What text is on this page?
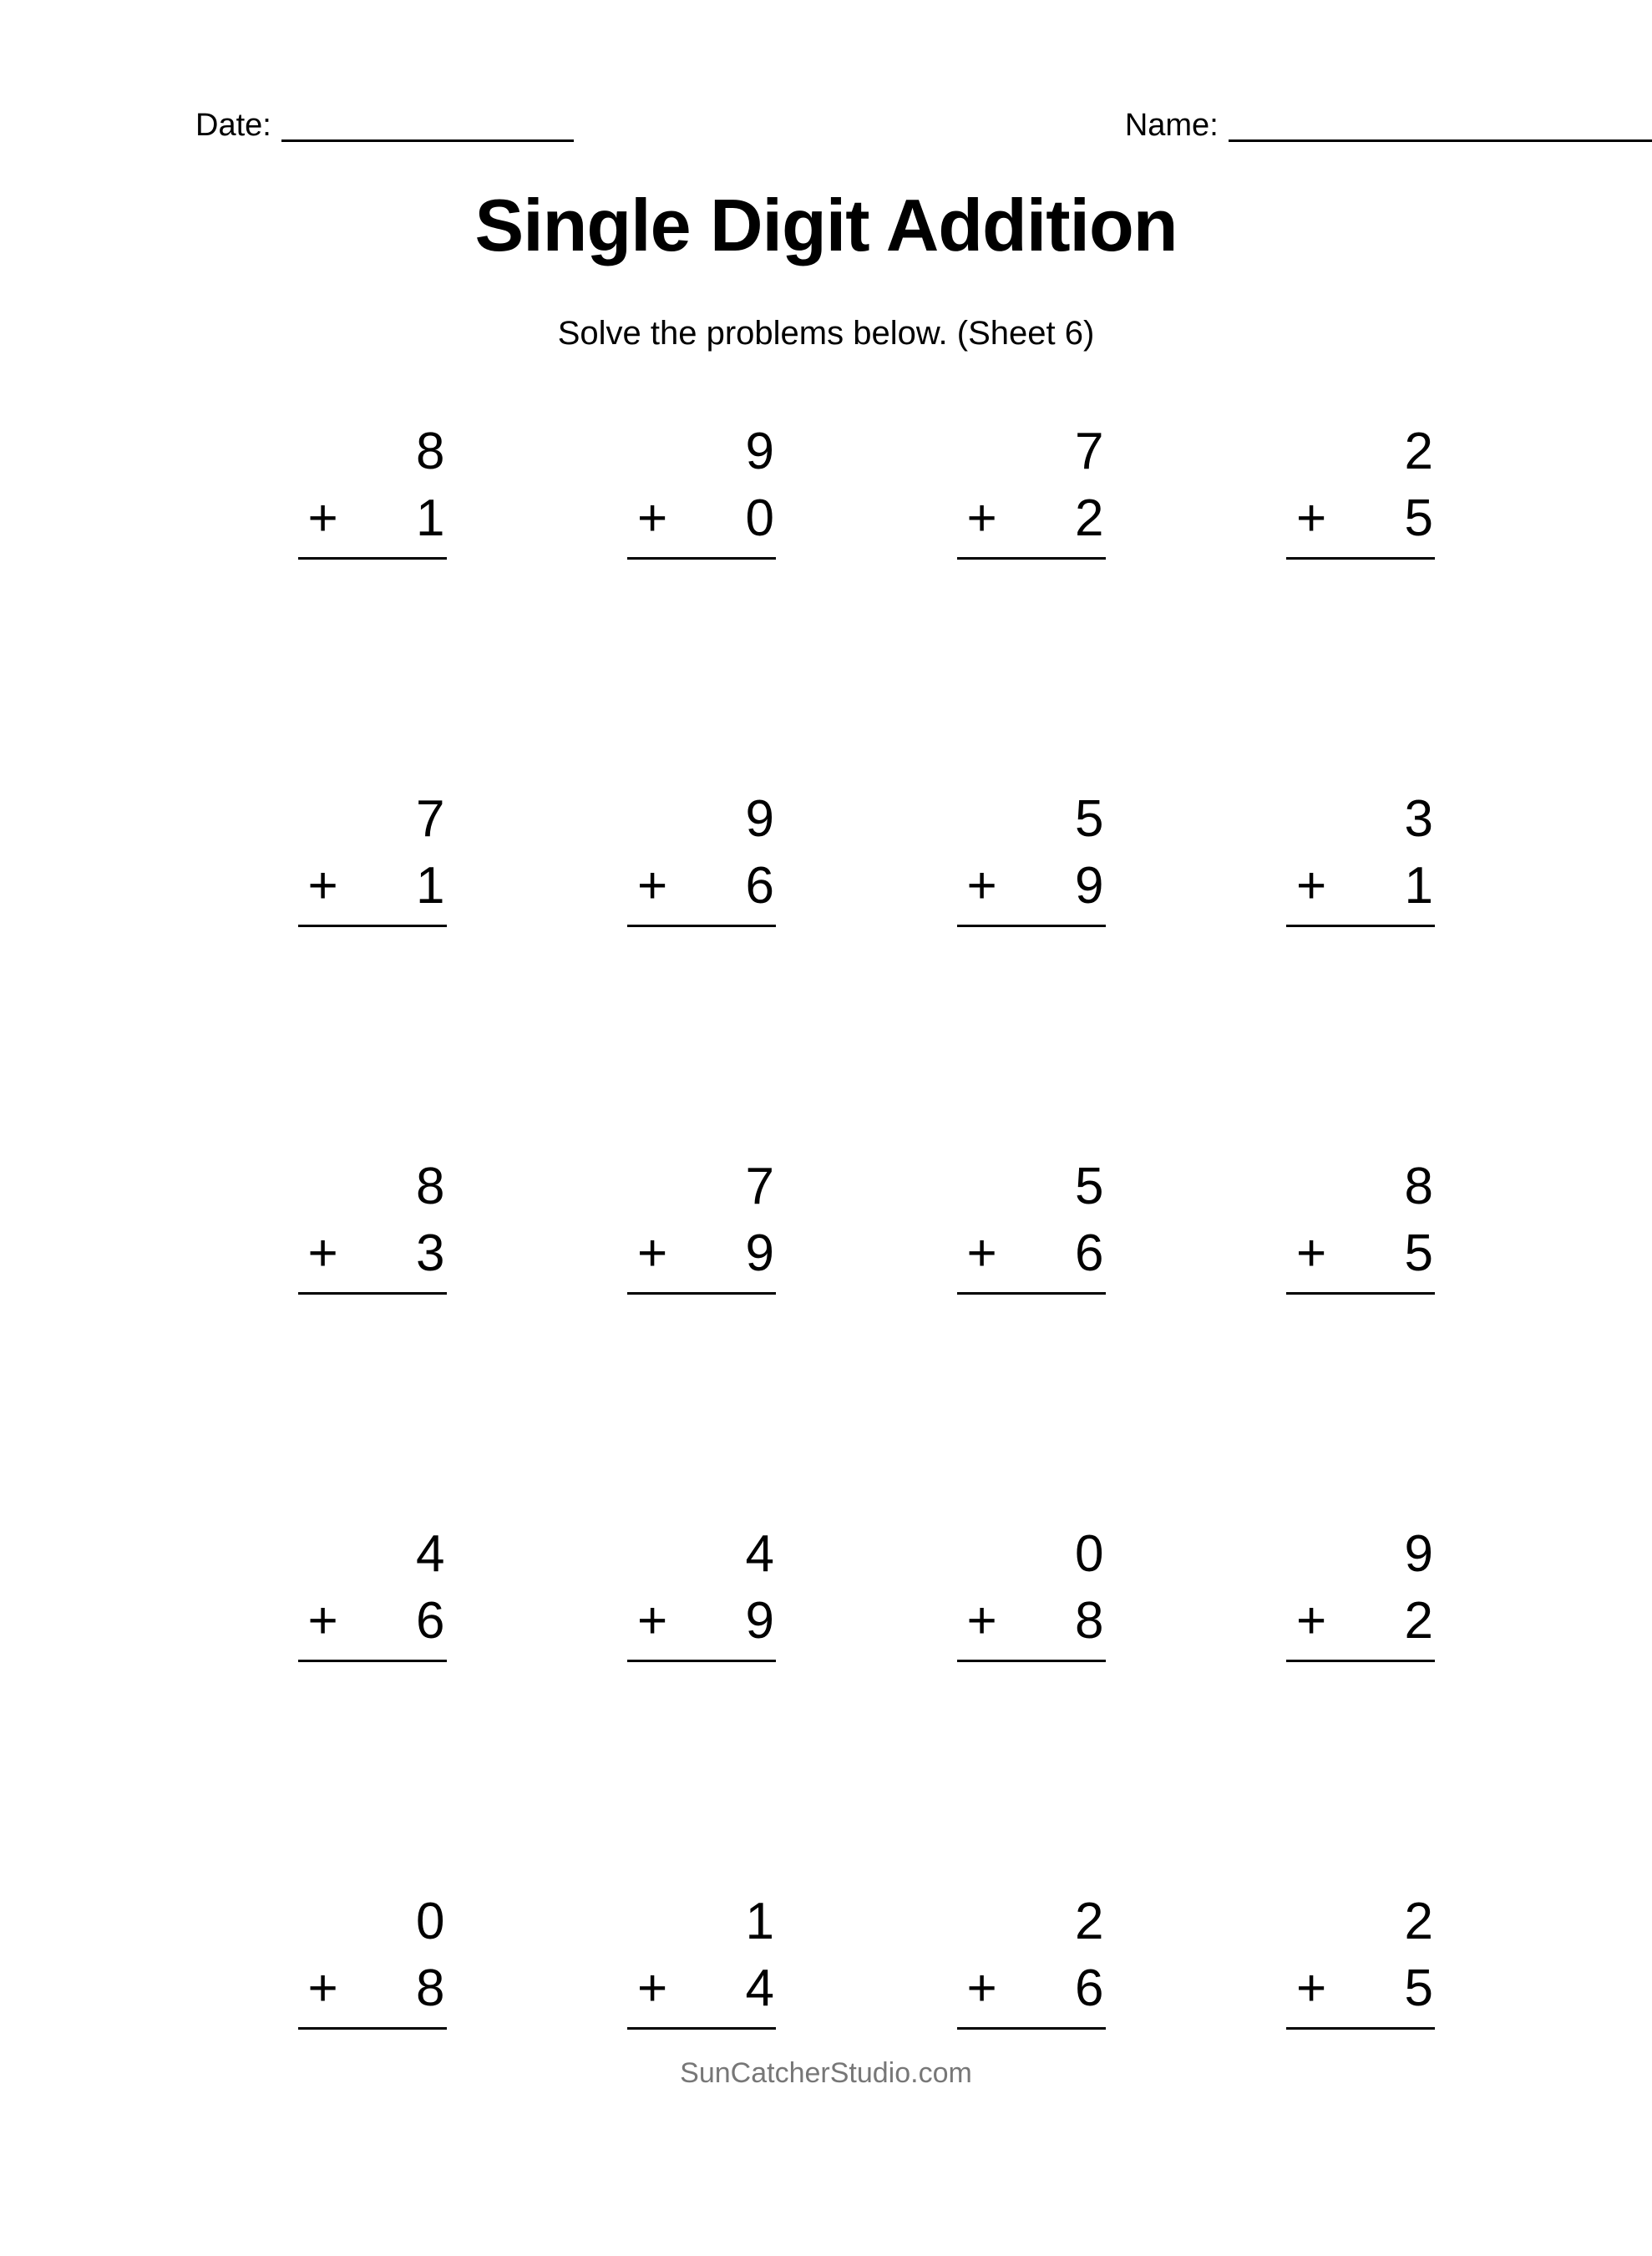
Date:	Name:
Single Digit Addition
Solve the problems below. (Sheet 6)
8
+ 1
9
+ 0
7
+ 2
2
+ 5
7
+ 1
9
+ 6
5
+ 9
3
+ 1
8
+ 3
7
+ 9
5
+ 6
8
+ 5
4
+ 6
4
+ 9
0
+ 8
9
+ 2
0
+ 8
1
+ 4
2
+ 6
2
+ 5
SunCatcherStudio.com
